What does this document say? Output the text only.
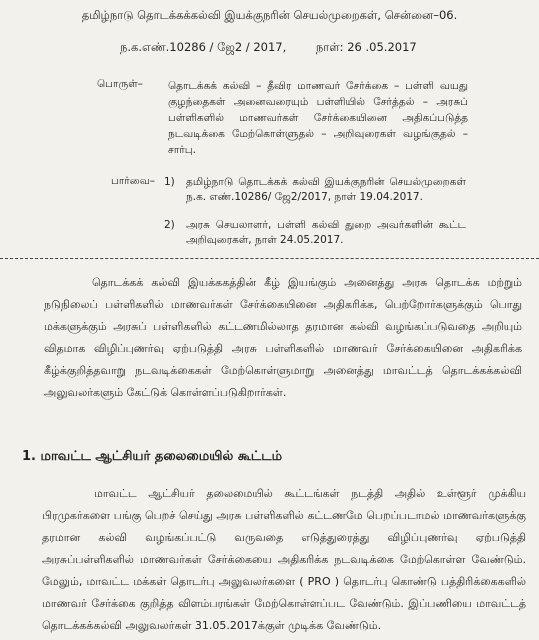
தமிழ்நாடு தொடக்கக்கல்வி இயக்குநரின் செயல்முறைகள், சென்னை–06.
ந.க.எண்.10286 / ஜே2 / 2017,	நாள்: 26 .05.2017
பொருள்– தொடக்கக் கல்வி – தீவிர மாணவர் சேர்க்கை – பள்ளி வயது குழந்தைகள் அனைவரையும் பள்ளியில் சேர்த்தல் – அரசுப் பள்ளிகளில் மாணவர்கள் சேர்க்கையினை அதிகப்படுத்த நடவடிக்கை மேற்கொள்ளுதல் – அறிவுரைகள் வழங்குதல் – சார்பு.
பார்வை– 1) தமிழ்நாடு தொடக்கக் கல்வி இயக்குநரின் செயல்முறைகள் ந.க. எண்.10286/ ஜே2/2017, நாள் 19.04.2017.
2) அரசு செயலாளர், பள்ளி கல்வி துறை அவர்களின் கூட்ட அறிவுரைகள், நாள் 24.05.2017.
தொடக்கக் கல்வி இயக்ககத்தின் கீழ் இயங்கும் அனைத்து அரசு தொடக்க மற்றும் நடுநிலைப் பள்ளிகளில் மாணவர்கள் சேர்க்கையினை அதிகரிக்க, பெற்றோர்களுக்கும் பொது மக்களுக்கும் அரசுப் பள்ளிகளில் கட்டணமில்லாத தரமான கல்வி வழங்கப்படுவதை அறியும் விதமாக விழிப்புணர்வு ஏற்படுத்தி அரசு பள்ளிகளில் மாணவர் சேர்க்கையினை அதிகரிக்க கீழ்க்குறித்தவாறு நடவடிக்கைகள் மேற்கொள்ளுமாறு அனைத்து மாவட்டத் தொடக்கக்கல்வி அலுவலர்களும் கேட்டுக் கொள்ளப்படுகிறார்கள்.
1. மாவட்ட ஆட்சியர் தலைமையில் கூட்டம்
மாவட்ட ஆட்சியர் தலைமையில் கூட்டங்கள் நடத்தி அதில் உள்ளூர் முக்கிய பிரமுகர்களை பங்கு பெறச் செய்து அரசு பள்ளிகளில் கட்டணமே பெறப்படாமல் மாணவர்களுக்கு தரமான கல்வி வழங்கப்பட்டு வருவதை எடுத்துரைத்து விழிப்புணர்வு ஏற்படுத்தி அரசுப்பள்ளிகளில் மாணவர்கள் சேர்க்கையை அதிகரிக்க நடவடிக்கை மேற்கொள்ள வேண்டும். மேலும், மாவட்ட மக்கள் தொடர்பு அலுவலர்களை ( PRO ) தொடர்பு கொண்டு பத்திரிக்கைகளில் மாணவர் சேர்க்கை குறித்த விளம்பரங்கள் மேற்கொள்ளப்பட வேண்டும். இப்பணியை மாவட்டத் தொடக்கக்கல்வி அலுவலர்கள் 31.05.2017க்குள் முடிக்க வேண்டும்.
